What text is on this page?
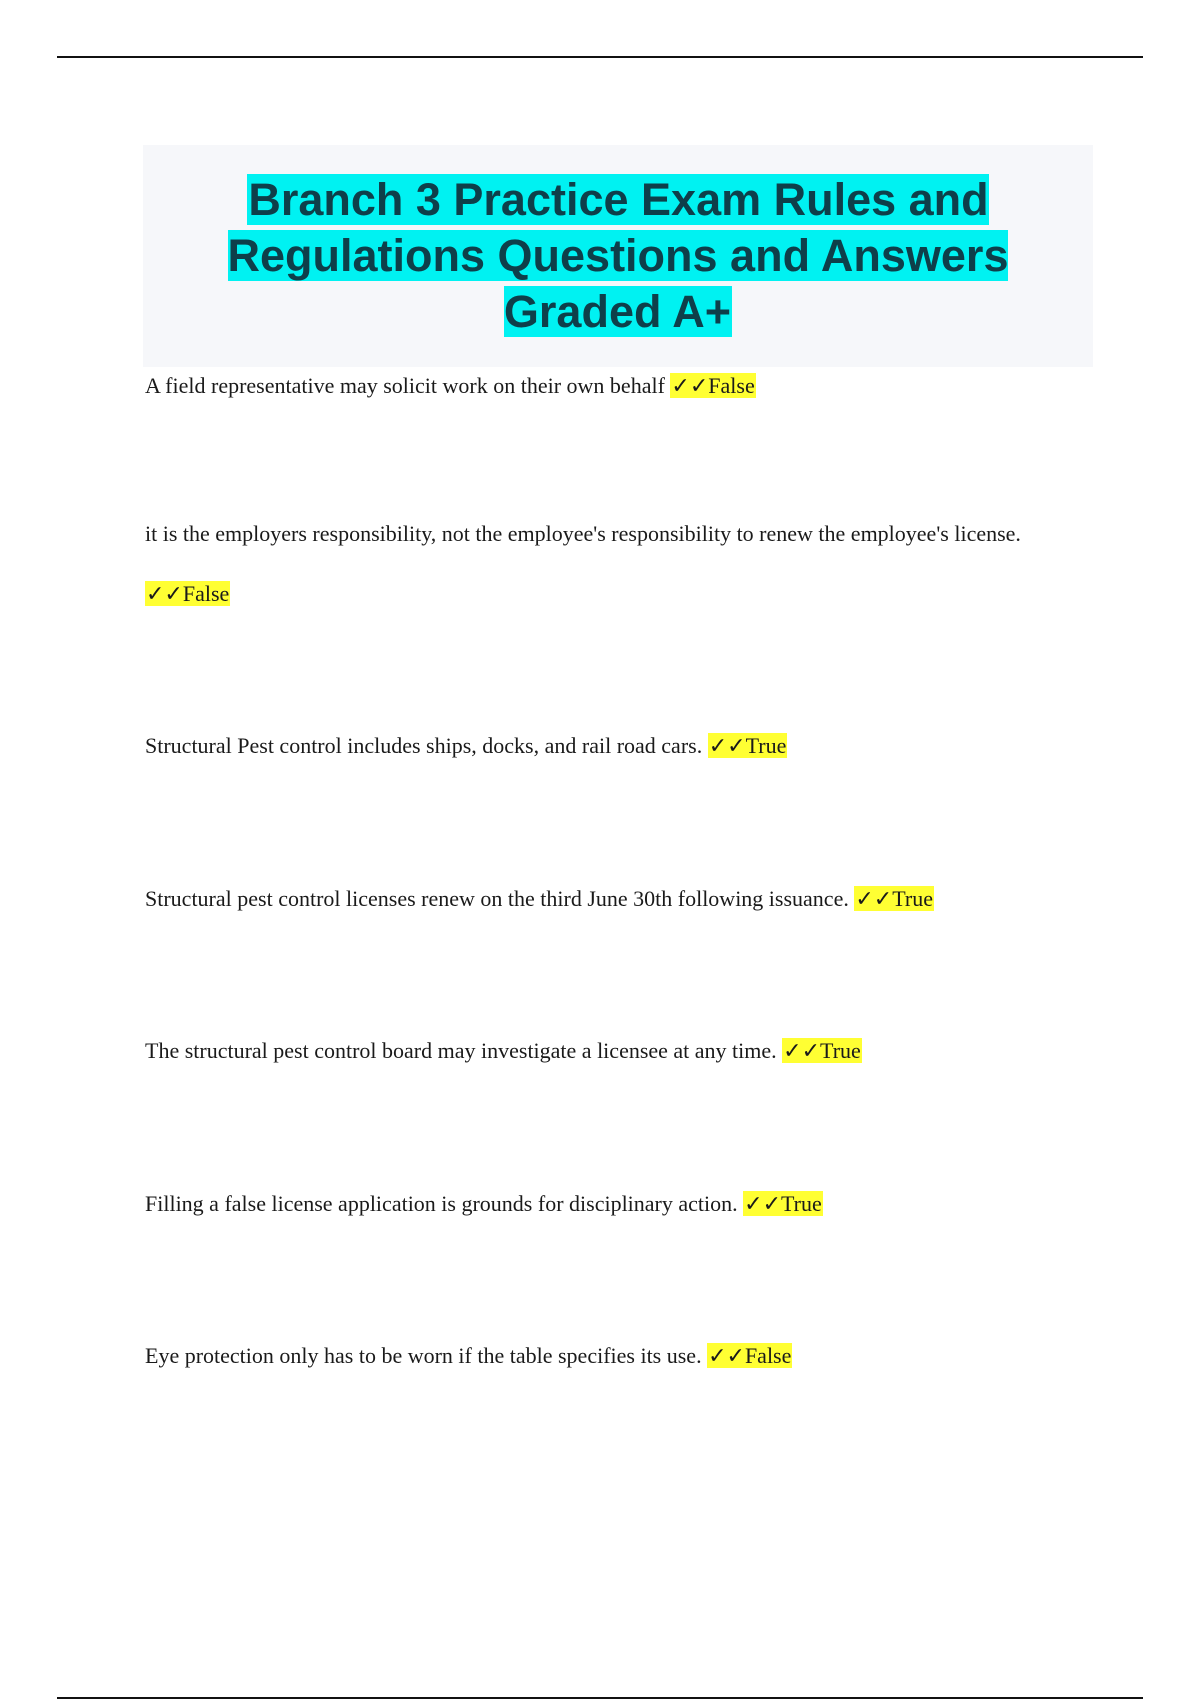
Branch 3 Practice Exam Rules and Regulations Questions and Answers Graded A+

A field representative may solicit work on their own behalf ✓✓False

it is the employers responsibility, not the employee's responsibility to renew the employee's license. ✓✓False

Structural Pest control includes ships, docks, and rail road cars. ✓✓True

Structural pest control licenses renew on the third June 30th following issuance. ✓✓True

The structural pest control board may investigate a licensee at any time. ✓✓True

Filling a false license application is grounds for disciplinary action. ✓✓True

Eye protection only has to be worn if the table specifies its use. ✓✓False
